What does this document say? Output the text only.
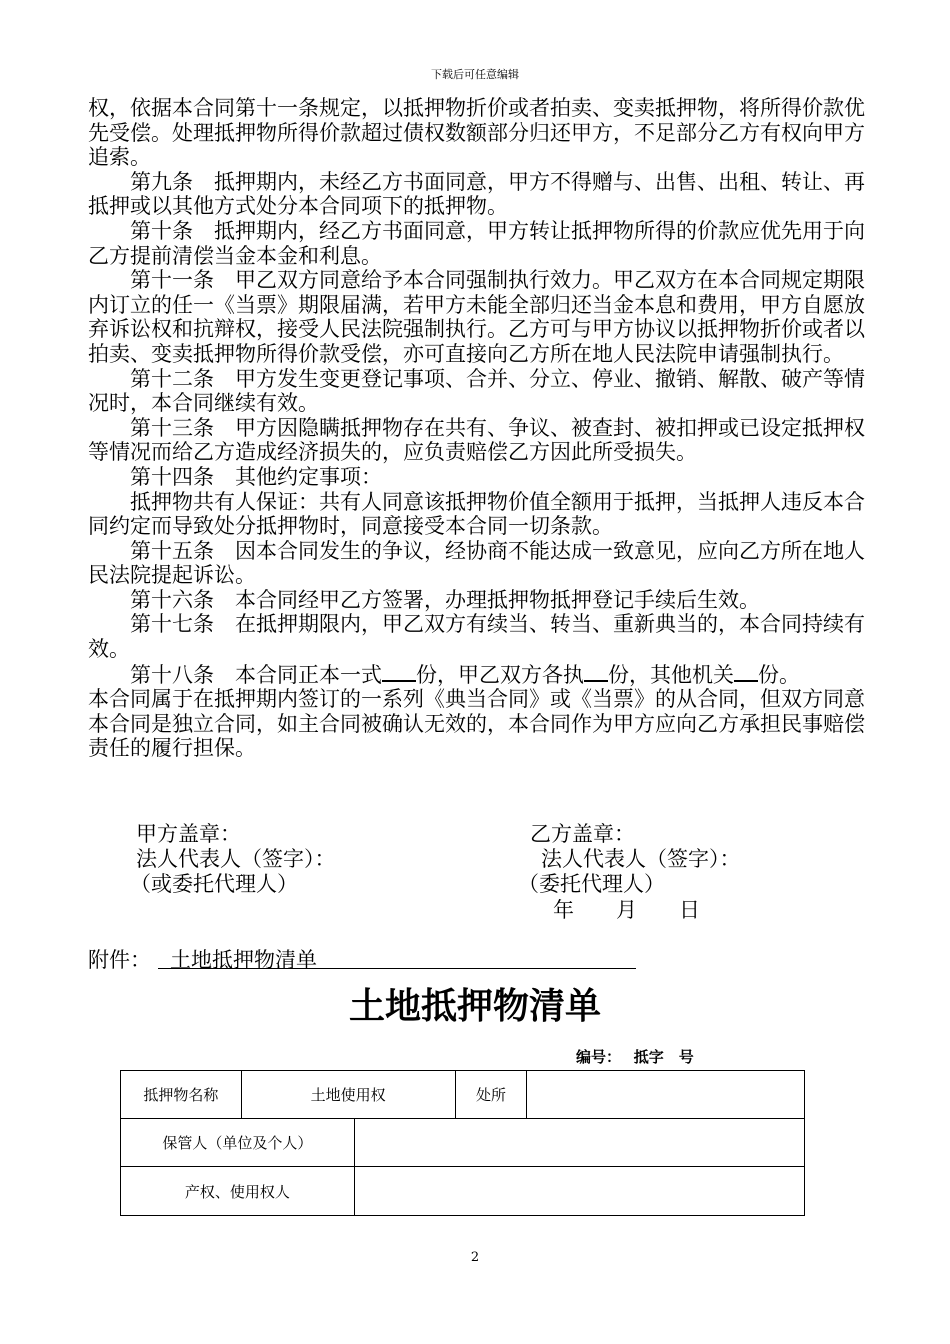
下载后可任意编辑

权，依据本合同第十一条规定，以抵押物折价或者拍卖、变卖抵押物，将所得价款优先受偿。处理抵押物所得价款超过债权数额部分归还甲方，不足部分乙方有权向甲方追索。

第九条　抵押期内，未经乙方书面同意，甲方不得赠与、出售、出租、转让、再抵押或以其他方式处分本合同项下的抵押物。

第十条　抵押期内，经乙方书面同意，甲方转让抵押物所得的价款应优先用于向乙方提前清偿当金本金和利息。

第十一条　甲乙双方同意给予本合同强制执行效力。甲乙双方在本合同规定期限内订立的任一《当票》期限届满，若甲方未能全部归还当金本息和费用，甲方自愿放弃诉讼权和抗辩权，接受人民法院强制执行。乙方可与甲方协议以抵押物折价或者以拍卖、变卖抵押物所得价款受偿，亦可直接向乙方所在地人民法院申请强制执行。

第十二条　甲方发生变更登记事项、合并、分立、停业、撤销、解散、破产等情况时，本合同继续有效。

第十三条　甲方因隐瞒抵押物存在共有、争议、被查封、被扣押或已设定抵押权等情况而给乙方造成经济损失的，应负责赔偿乙方因此所受损失。

第十四条　其他约定事项：

抵押物共有人保证：共有人同意该抵押物价值全额用于抵押，当抵押人违反本合同约定而导致处分抵押物时，同意接受本合同一切条款。

第十五条　因本合同发生的争议，经协商不能达成一致意见，应向乙方所在地人民法院提起诉讼。

第十六条　本合同经甲乙方签署，办理抵押物抵押登记手续后生效。

第十七条　在抵押期限内，甲乙双方有续当、转当、重新典当的，本合同持续有效。

第十八条　本合同正本一式 份，甲乙双方各执 份，其他机关 份。

本合同属于在抵押期内签订的一系列《典当合同》或《当票》的从合同，但双方同意本合同是独立合同，如主合同被确认无效的，本合同作为甲方应向乙方承担民事赔偿责任的履行担保。

甲方盖章：	乙方盖章：
法人代表人（签字）：	法人代表人（签字）：
（或委托代理人）	（委托代理人）
年　　月　　日
附件： 土地抵押物清单
土地抵押物清单
编号：　 抵字　号
抵押物名称	土地使用权		处所	
保管人（单位及个人）				
产权、使用权人				
2
